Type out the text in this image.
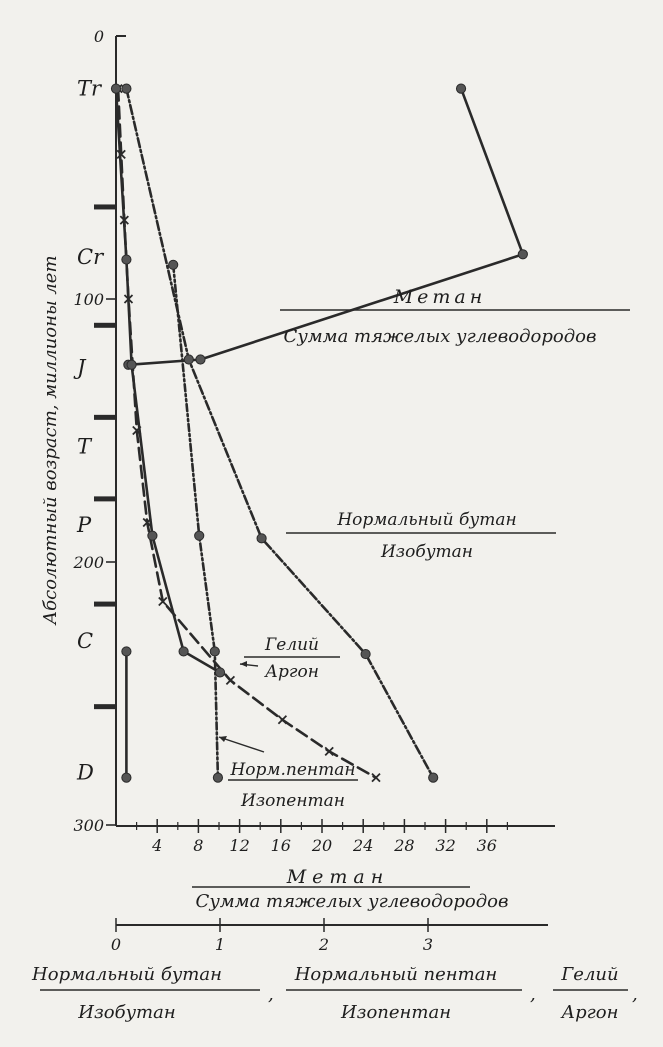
0
100
200
300
Tr
Cr
J
T
P
C
D
Абсолютный возраст, миллионы лет
4 8 12 16 20 24 28 32 36
Метан
Сумма тяжелых углеводородов
0	1	2	3
Нормальный бутан
Изобутан
,
Нормальный пентан
Изопентан
,
Гелий
Аргон
,
Метан
Сумма тяжелых углеводородов
Нормальный бутан
Изобутан
Гелий
Аргон
Норм.пентан
Изопентан
